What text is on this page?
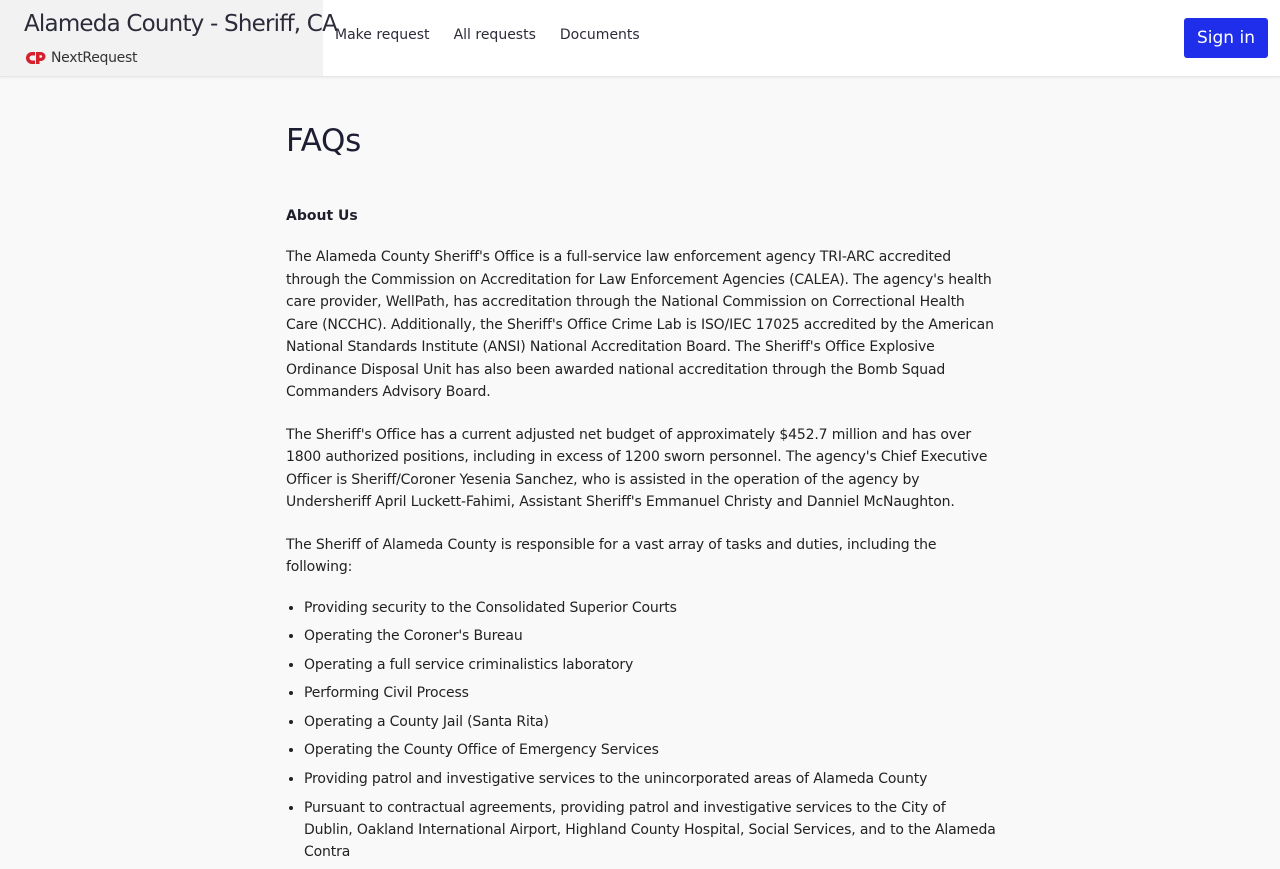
Alameda County - Sheriff, CA
NextRequest
Make request All requests Documents	Sign in
FAQs
About Us

The Alameda County Sheriff's Office is a full-service law enforcement agency TRI-ARC accredited through the Commission on Accreditation for Law Enforcement Agencies (CALEA). The agency's health care provider, WellPath, has accreditation through the National Commission on Correctional Health Care (NCCHC). Additionally, the Sheriff's Office Crime Lab is ISO/IEC 17025 accredited by the American National Standards Institute (ANSI) National Accreditation Board. The Sheriff's Office Explosive Ordinance Disposal Unit has also been awarded national accreditation through the Bomb Squad Commanders Advisory Board.

The Sheriff's Office has a current adjusted net budget of approximately $452.7 million and has over 1800 authorized positions, including in excess of 1200 sworn personnel. The agency's Chief Executive Officer is Sheriff/Coroner Yesenia Sanchez, who is assisted in the operation of the agency by Undersheriff April Luckett-Fahimi, Assistant Sheriff's Emmanuel Christy and Danniel McNaughton.

The Sheriff of Alameda County is responsible for a vast array of tasks and duties, including the following:

• Providing security to the Consolidated Superior Courts
• Operating the Coroner's Bureau
• Operating a full service criminalistics laboratory
• Performing Civil Process
• Operating a County Jail (Santa Rita)
• Operating the County Office of Emergency Services
• Providing patrol and investigative services to the unincorporated areas of Alameda County
• Pursuant to contractual agreements, providing patrol and investigative services to the City of Dublin, Oakland International Airport, Highland County Hospital, Social Services, and to the Alameda Contra
